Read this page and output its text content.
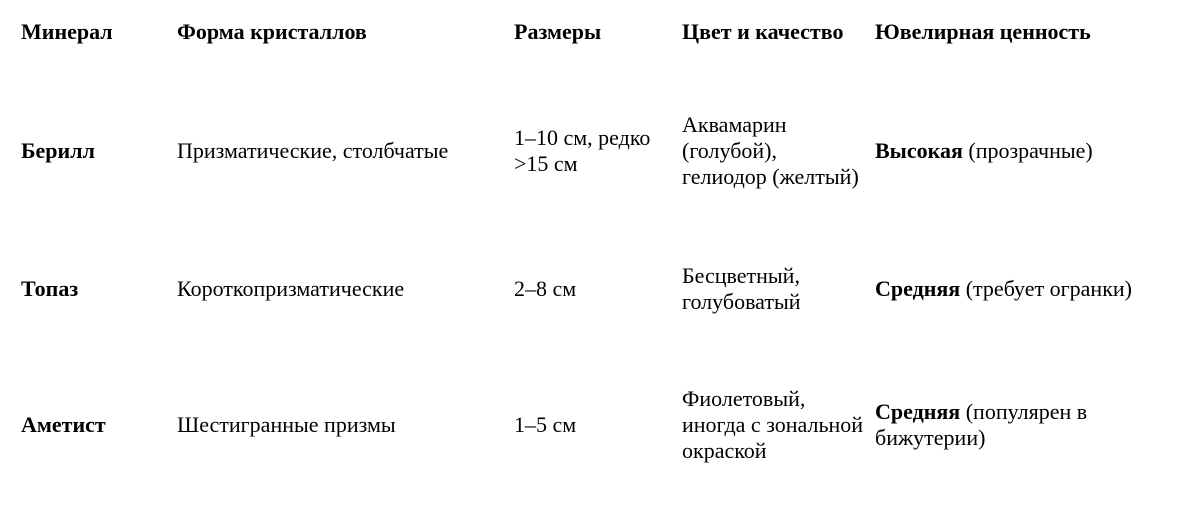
Минерал	Форма кристаллов	Размеры	Цвет и качество	Ювелирная ценность
Берилл	Призматические, столбчатые	1–10 см, редко >15 см	Аквамарин (голубой), гелиодор (желтый)	Высокая (прозрачные)
Топаз	Короткопризматические	2–8 см	Бесцветный, голубоватый	Средняя (требует огранки)
Аметист	Шестигранные призмы	1–5 см	Фиолетовый, иногда с зональной окраской	Средняя (популярен в бижутерии)
